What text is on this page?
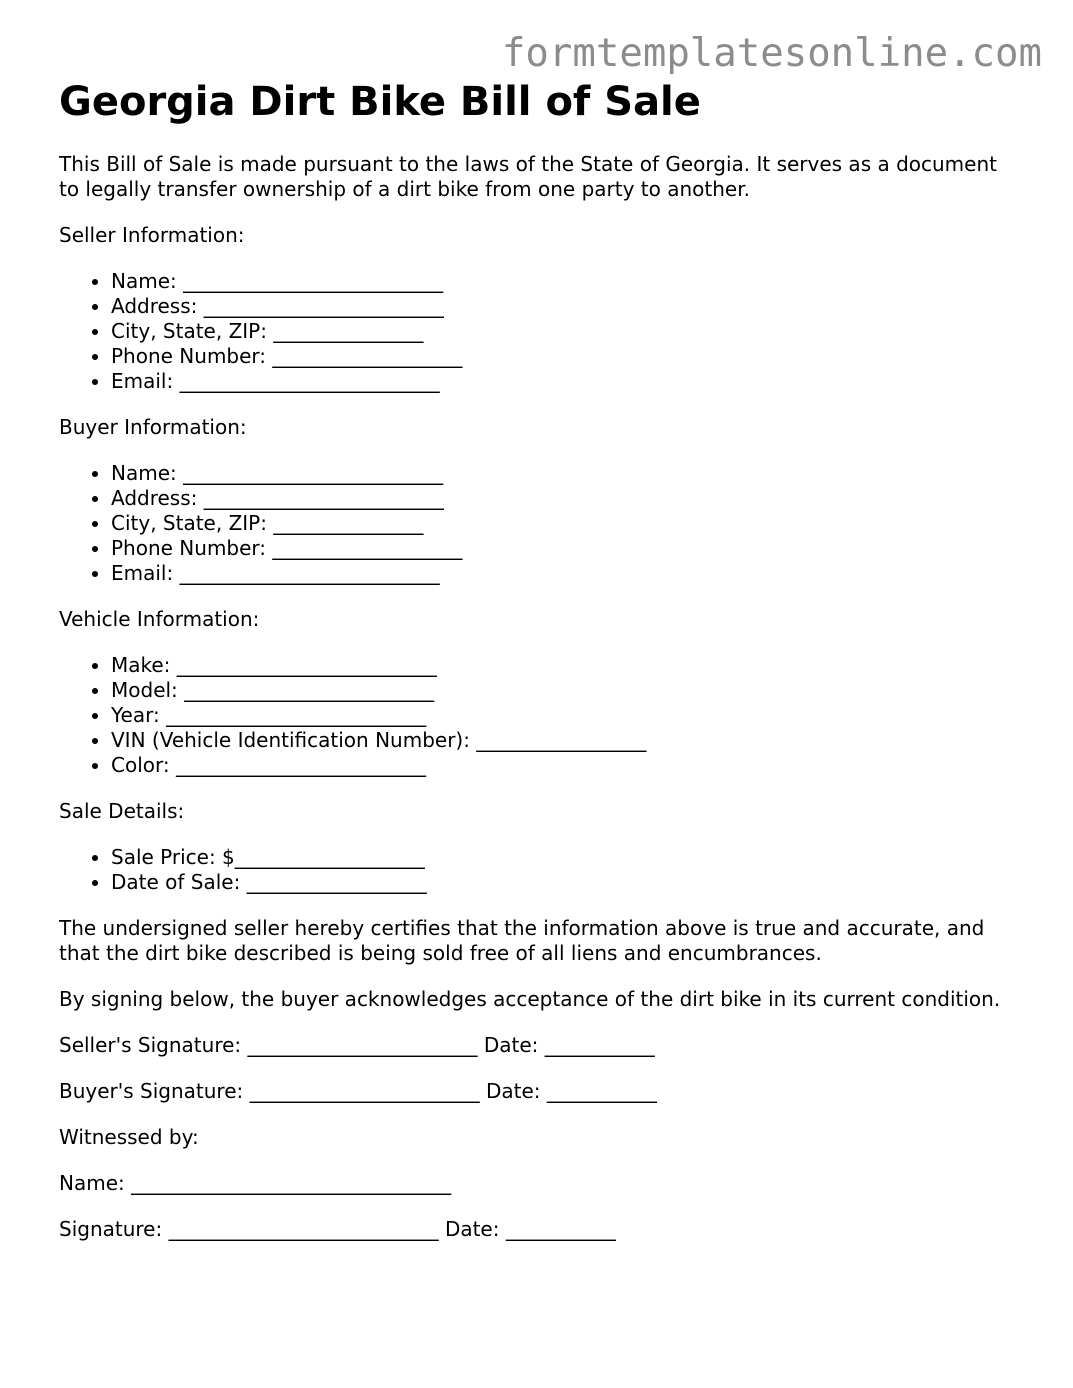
formtemplatesonline.com
Georgia Dirt Bike Bill of Sale

This Bill of Sale is made pursuant to the laws of the State of Georgia. It serves as a document to legally transfer ownership of a dirt bike from one party to another.

Seller Information:

• Name: __________________________
• Address: ________________________
• City, State, ZIP: _______________
• Phone Number: ___________________
• Email: __________________________

Buyer Information:

• Name: __________________________
• Address: ________________________
• City, State, ZIP: _______________
• Phone Number: ___________________
• Email: __________________________

Vehicle Information:

• Make: __________________________
• Model: _________________________
• Year: __________________________
• VIN (Vehicle Identification Number): _________________
• Color: _________________________

Sale Details:

• Sale Price: $___________________
• Date of Sale: __________________

The undersigned seller hereby certifies that the information above is true and accurate, and that the dirt bike described is being sold free of all liens and encumbrances.

By signing below, the buyer acknowledges acceptance of the dirt bike in its current condition.

Seller's Signature: _______________________ Date: ___________

Buyer's Signature: _______________________ Date: ___________

Witnessed by:

Name: ________________________________

Signature: ___________________________ Date: ___________
